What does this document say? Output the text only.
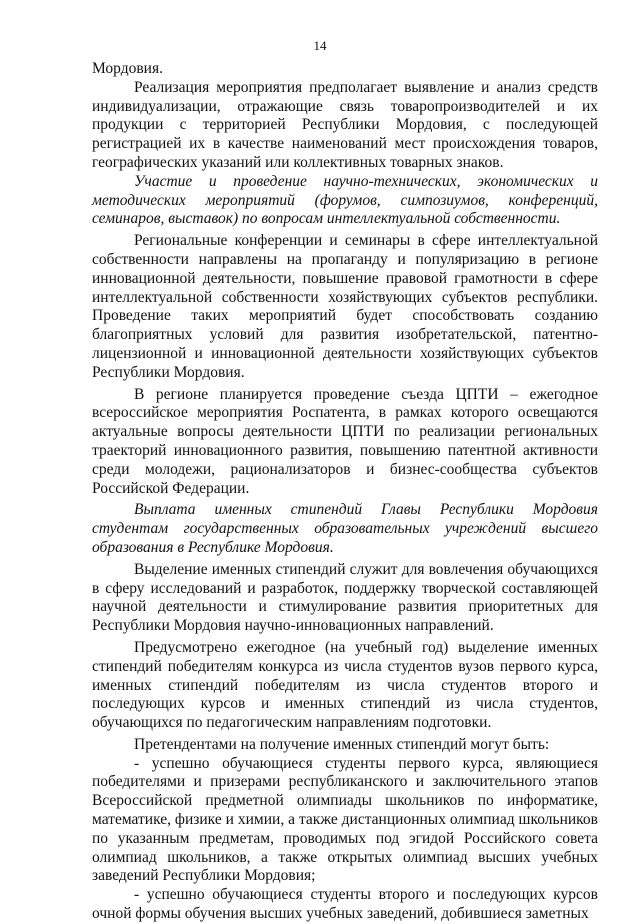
14

Мордовия.

Реализация мероприятия предполагает выявление и анализ средств индивидуализации, отражающие связь товаропроизводителей и их продукции с территорией Республики Мордовия, с последующей регистрацией их в качестве наименований мест происхождения товаров, географических указаний или коллективных товарных знаков.

Участие и проведение научно-технических, экономических и методических мероприятий (форумов, симпозиумов, конференций, семинаров, выставок) по вопросам интеллектуальной собственности.

Региональные конференции и семинары в сфере интеллектуальной собственности направлены на пропаганду и популяризацию в регионе инновационной деятельности, повышение правовой грамотности в сфере интеллектуальной собственности хозяйствующих субъектов республики. Проведение таких мероприятий будет способствовать созданию благоприятных условий для развития изобретательской, патентно-лицензионной и инновационной деятельности хозяйствующих субъектов Республики Мордовия.

В регионе планируется проведение съезда ЦПТИ – ежегодное всероссийское мероприятия Роспатента, в рамках которого освещаются актуальные вопросы деятельности ЦПТИ по реализации региональных траекторий инновационного развития, повышению патентной активности среди молодежи, рационализаторов и бизнес-сообщества субъектов Российской Федерации.

Выплата именных стипендий Главы Республики Мордовия студентам государственных образовательных учреждений высшего образования в Республике Мордовия.

Выделение именных стипендий служит для вовлечения обучающихся в сферу исследований и разработок, поддержку творческой составляющей научной деятельности и стимулирование развития приоритетных для Республики Мордовия научно-инновационных направлений.

Предусмотрено ежегодное (на учебный год) выделение именных стипендий победителям конкурса из числа студентов вузов первого курса, именных стипендий победителям из числа студентов второго и последующих курсов и именных стипендий из числа студентов, обучающихся по педагогическим направлениям подготовки.

Претендентами на получение именных стипендий могут быть:

- успешно обучающиеся студенты первого курса, являющиеся победителями и призерами республиканского и заключительного этапов Всероссийской предметной олимпиады школьников по информатике, математике, физике и химии, а также дистанционных олимпиад школьников по указанным предметам, проводимых под эгидой Российского совета олимпиад школьников, а также открытых олимпиад высших учебных заведений Республики Мордовия;

- успешно обучающиеся студенты второго и последующих курсов очной формы обучения высших учебных заведений, добившиеся заметных
